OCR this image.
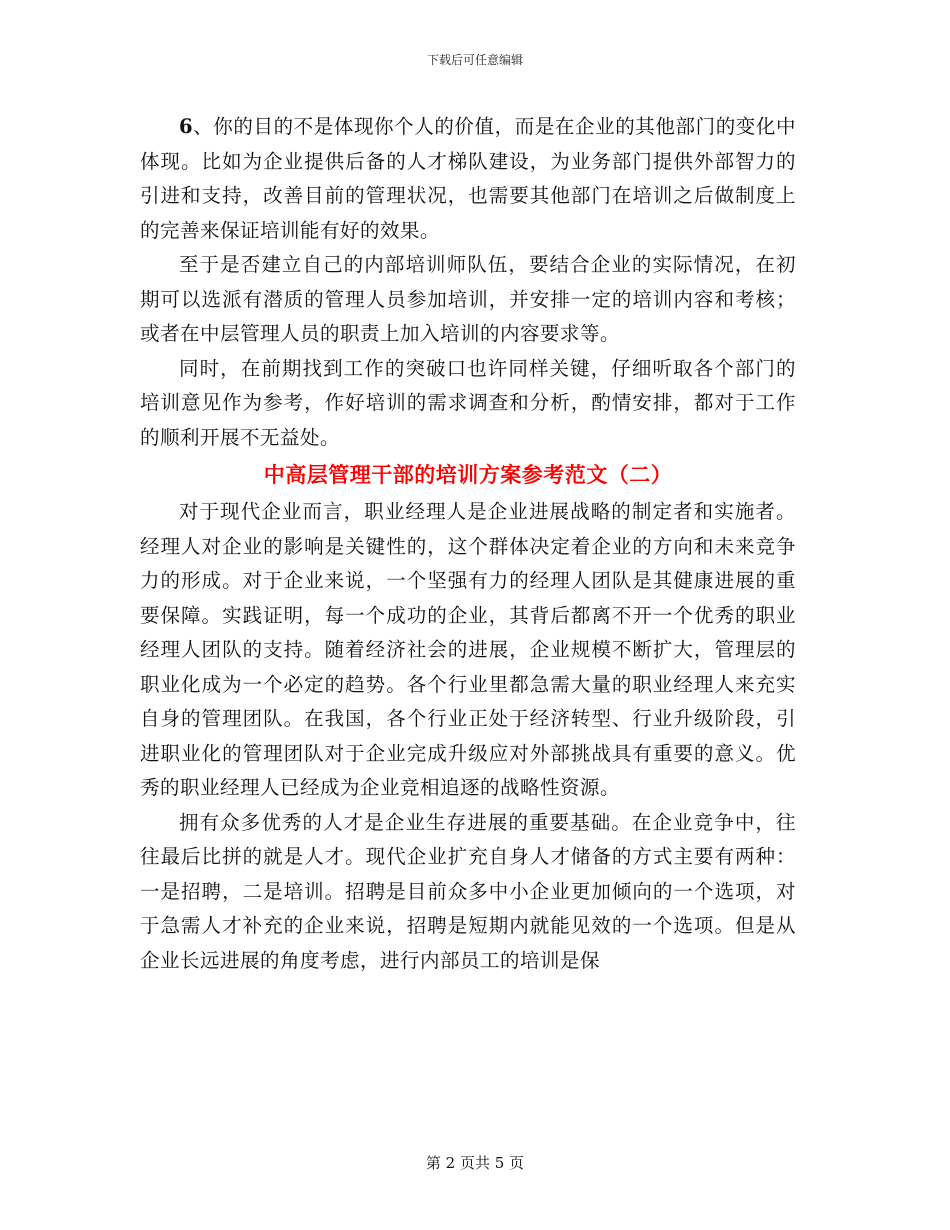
下载后可任意编辑

6、你的目的不是体现你个人的价值，而是在企业的其他部门的变化中体现。比如为企业提供后备的人才梯队建设，为业务部门提供外部智力的引进和支持，改善目前的管理状况，也需要其他部门在培训之后做制度上的完善来保证培训能有好的效果。

至于是否建立自己的内部培训师队伍，要结合企业的实际情况，在初期可以选派有潜质的管理人员参加培训，并安排一定的培训内容和考核；或者在中层管理人员的职责上加入培训的内容要求等。

同时，在前期找到工作的突破口也许同样关键，仔细听取各个部门的培训意见作为参考，作好培训的需求调查和分析，酌情安排，都对于工作的顺利开展不无益处。

中高层管理干部的培训方案参考范文（二）

对于现代企业而言，职业经理人是企业进展战略的制定者和实施者。经理人对企业的影响是关键性的，这个群体决定着企业的方向和未来竞争力的形成。对于企业来说，一个坚强有力的经理人团队是其健康进展的重要保障。实践证明，每一个成功的企业，其背后都离不开一个优秀的职业经理人团队的支持。随着经济社会的进展，企业规模不断扩大，管理层的职业化成为一个必定的趋势。各个行业里都急需大量的职业经理人来充实自身的管理团队。在我国，各个行业正处于经济转型、行业升级阶段，引进职业化的管理团队对于企业完成升级应对外部挑战具有重要的意义。优秀的职业经理人已经成为企业竞相追逐的战略性资源。

拥有众多优秀的人才是企业生存进展的重要基础。在企业竞争中，往往最后比拼的就是人才。现代企业扩充自身人才储备的方式主要有两种：一是招聘，二是培训。招聘是目前众多中小企业更加倾向的一个选项，对于急需人才补充的企业来说，招聘是短期内就能见效的一个选项。但是从企业长远进展的角度考虑，进行内部员工的培训是保

第 2 页共 5 页
